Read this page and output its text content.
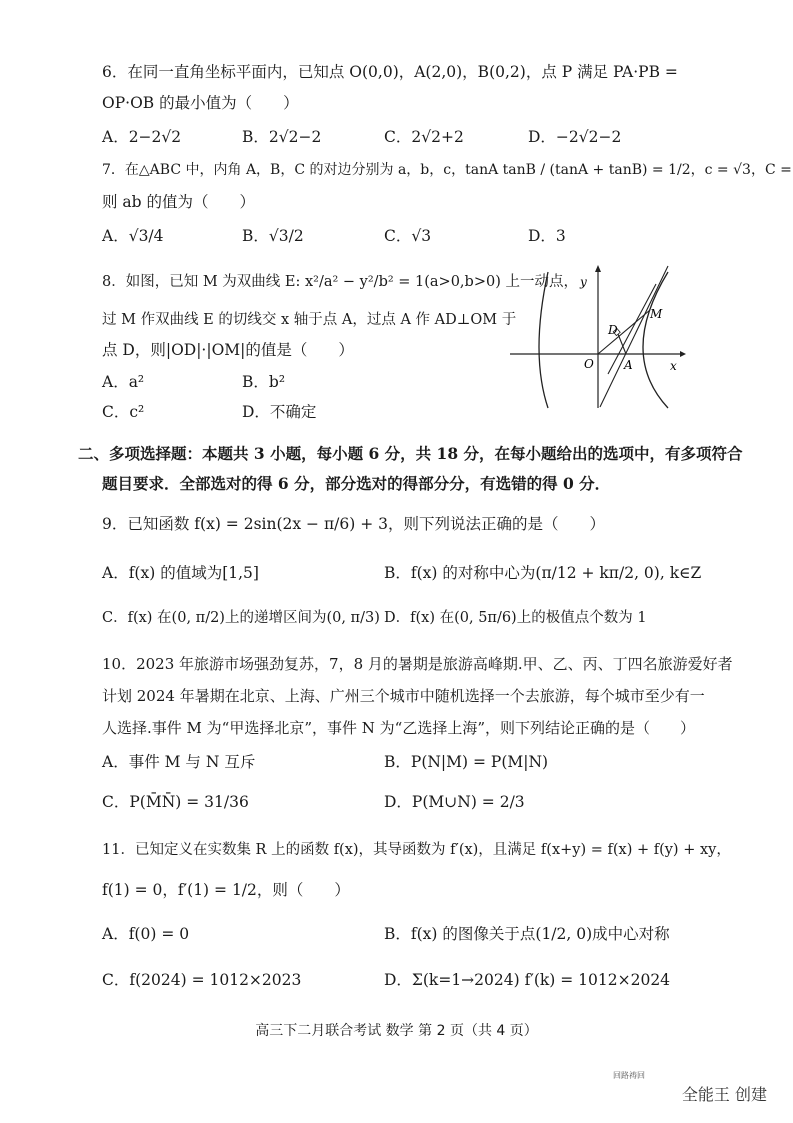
6．在同一直角坐标平面内，已知点 O(0,0)，A(2,0)，B(0,2)，点 P 满足 PA·PB =
OP·OB 的最小值为（　　）
A．2−2√2	B．2√2−2	C．2√2+2	D．−2√2−2
7．在△ABC 中，内角 A，B，C 的对边分别为 a，b，c，tanA tanB / (tanA + tanB) = 1/2，c = √3，C =
则 ab 的值为（　　）
A．√3/4	B．√3/2	C．√3	D．3
8．如图，已知 M 为双曲线 E: x²/a² − y²/b² = 1(a>0,b>0) 上一动点，
过 M 作双曲线 E 的切线交 x 轴于点 A，过点 A 作 AD⊥OM 于
点 D，则|OD|·|OM|的值是（　　）
A．a²	B．b²
C．c²	D．不确定
y
x
O	A
D
M
二、多项选择题：本题共 3 小题，每小题 6 分，共 18 分，在每小题给出的选项中，有多项符合
题目要求．全部选对的得 6 分，部分选对的得部分分，有选错的得 0 分．
9．已知函数 f(x) = 2sin(2x − π/6) + 3，则下列说法正确的是（　　）
A．f(x) 的值域为[1,5]	B．f(x) 的对称中心为(π/12 + kπ/2, 0), k∈Z
C．f(x) 在(0, π/2)上的递增区间为(0, π/3) D．f(x) 在(0, 5π/6)上的极值点个数为 1
10．2023 年旅游市场强劲复苏，7，8 月的暑期是旅游高峰期.甲、乙、丙、丁四名旅游爱好者
计划 2024 年暑期在北京、上海、广州三个城市中随机选择一个去旅游，每个城市至少有一
人选择.事件 M 为“甲选择北京”，事件 N 为“乙选择上海”，则下列结论正确的是（　　）
A．事件 M 与 N 互斥	B．P(N|M) = P(M|N)
C．P(M̄N̄) = 31/36	D．P(M∪N) = 2/3
11．已知定义在实数集 R 上的函数 f(x)，其导函数为 f′(x)，且满足 f(x+y) = f(x) + f(y) + xy，
f(1) = 0，f′(1) = 1/2，则（　　）
A．f(0) = 0	B．f(x) 的图像关于点(1/2, 0)成中心对称
C．f(2024) = 1012×2023	D．Σ(k=1→2024) f′(k) = 1012×2024
高三下二月联合考试 数学 第 2 页（共 4 页）
回路祷回
全能王 创建
